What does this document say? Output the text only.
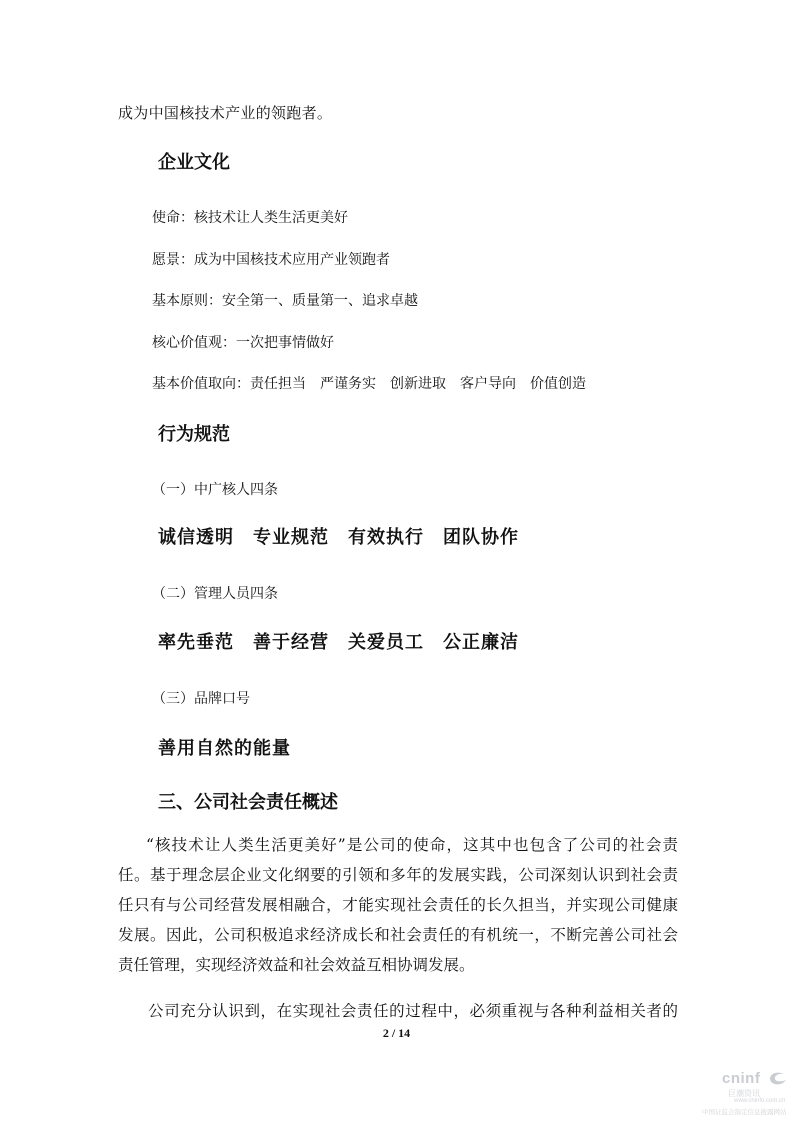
成为中国核技术产业的领跑者。
企业文化
使命：核技术让人类生活更美好
愿景：成为中国核技术应用产业领跑者
基本原则：安全第一、质量第一、追求卓越
核心价值观：一次把事情做好
基本价值取向：责任担当　严谨务实　创新进取　客户导向　价值创造
行为规范
（一）中广核人四条
诚信透明　专业规范　有效执行　团队协作
（二）管理人员四条
率先垂范　善于经营　关爱员工　公正廉洁
（三）品牌口号
善用自然的能量
三、公司社会责任概述
“核技术让人类生活更美好”是公司的使命，这其中也包含了公司的社会责
任。基于理念层企业文化纲要的引领和多年的发展实践，公司深刻认识到社会责
任只有与公司经营发展相融合，才能实现社会责任的长久担当，并实现公司健康
发展。因此，公司积极追求经济成长和社会责任的有机统一，不断完善公司社会
责任管理，实现经济效益和社会效益互相协调发展。
公司充分认识到，在实现社会责任的过程中，必须重视与各种利益相关者的
2 / 14
cninf
巨潮资讯
www.cninfo.com.cn
中国证监会指定信息披露网站
